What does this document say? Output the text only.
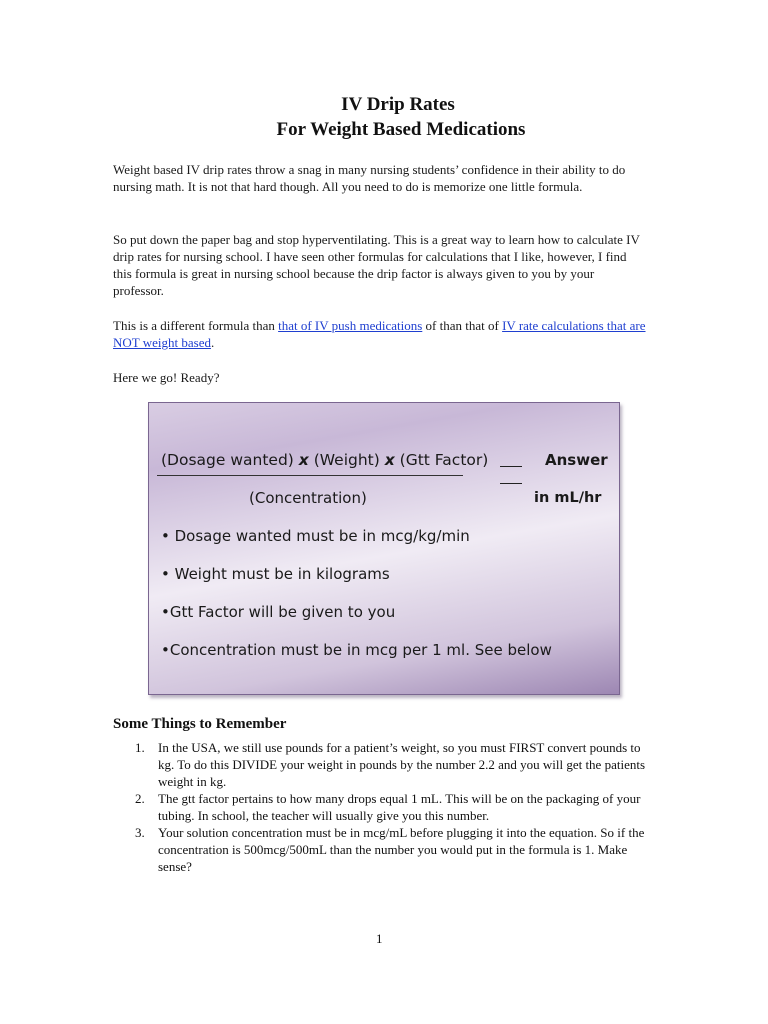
IV Drip Rates
For Weight Based Medications

Weight based IV drip rates throw a snag in many nursing students’ confidence in their ability to do nursing math. It is not that hard though. All you need to do is memorize one little formula.

So put down the paper bag and stop hyperventilating. This is a great way to learn how to calculate IV drip rates for nursing school. I have seen other formulas for calculations that I like, however, I find this formula is great in nursing school because the drip factor is always given to you by your professor.

This is a different formula than that of IV push medications of than that of IV rate calculations that are NOT weight based.

Here we go! Ready?

(Dosage wanted) x (Weight) x (Gtt Factor)	Answer
(Concentration)	in mL/hr
• Dosage wanted must be in mcg/kg/min
• Weight must be in kilograms
•Gtt Factor will be given to you
•Concentration must be in mcg per 1 ml. See below
Some Things to Remember
1. In the USA, we still use pounds for a patient’s weight, so you must FIRST convert pounds to kg. To do this DIVIDE your weight in pounds by the number 2.2 and you will get the patients weight in kg.
2. The gtt factor pertains to how many drops equal 1 mL. This will be on the packaging of your tubing. In school, the teacher will usually give you this number.
3. Your solution concentration must be in mcg/mL before plugging it into the equation. So if the concentration is 500mcg/500mL than the number you would put in the formula is 1. Make sense?
1
